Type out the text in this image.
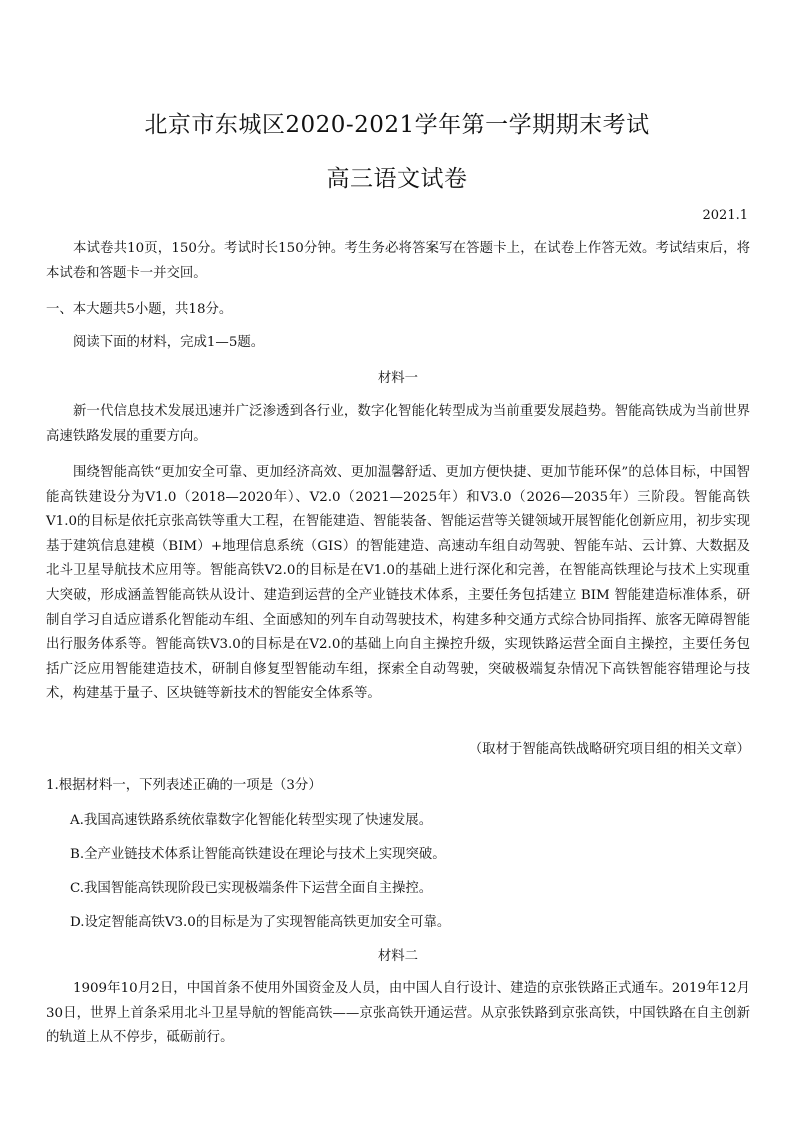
北京市东城区2020-2021学年第一学期期末考试
高三语文试卷
2021.1

本试卷共10页，150分。考试时长150分钟。考生务必将答案写在答题卡上，在试卷上作答无效。考试结束后，将本试卷和答题卡一并交回。

一、本大题共5小题，共18分。

阅读下面的材料，完成1—5题。

材料一

新一代信息技术发展迅速并广泛渗透到各行业，数字化智能化转型成为当前重要发展趋势。智能高铁成为当前世界高速铁路发展的重要方向。

围绕智能高铁“更加安全可靠、更加经济高效、更加温馨舒适、更加方便快捷、更加节能环保”的总体目标，中国智能高铁建设分为V1.0（2018—2020年）、V2.0（2021—2025年）和V3.0（2026—2035年）三阶段。智能高铁V1.0的目标是依托京张高铁等重大工程，在智能建造、智能装备、智能运营等关键领域开展智能化创新应用，初步实现基于建筑信息建模（BIM）+地理信息系统（GIS）的智能建造、高速动车组自动驾驶、智能车站、云计算、大数据及北斗卫星导航技术应用等。智能高铁V2.0的目标是在V1.0的基础上进行深化和完善，在智能高铁理论与技术上实现重大突破，形成涵盖智能高铁从设计、建造到运营的全产业链技术体系，主要任务包括建立 BIM 智能建造标准体系，研制自学习自适应谱系化智能动车组、全面感知的列车自动驾驶技术，构建多种交通方式综合协同指挥、旅客无障碍智能出行服务体系等。智能高铁V3.0的目标是在V2.0的基础上向自主操控升级，实现铁路运营全面自主操控，主要任务包括广泛应用智能建造技术，研制自修复型智能动车组，探索全自动驾驶，突破极端复杂情况下高铁智能容错理论与技术，构建基于量子、区块链等新技术的智能安全体系等。

（取材于智能高铁战略研究项目组的相关文章）

1.根据材料一，下列表述正确的一项是（3分）

A.我国高速铁路系统依靠数字化智能化转型实现了快速发展。

B.全产业链技术体系让智能高铁建设在理论与技术上实现突破。

C.我国智能高铁现阶段已实现极端条件下运营全面自主操控。

D.设定智能高铁V3.0的目标是为了实现智能高铁更加安全可靠。

材料二

1909年10月2日，中国首条不使用外国资金及人员，由中国人自行设计、建造的京张铁路正式通车。2019年12月30日，世界上首条采用北斗卫星导航的智能高铁——京张高铁开通运营。从京张铁路到京张高铁，中国铁路在自主创新的轨道上从不停步，砥砺前行。
